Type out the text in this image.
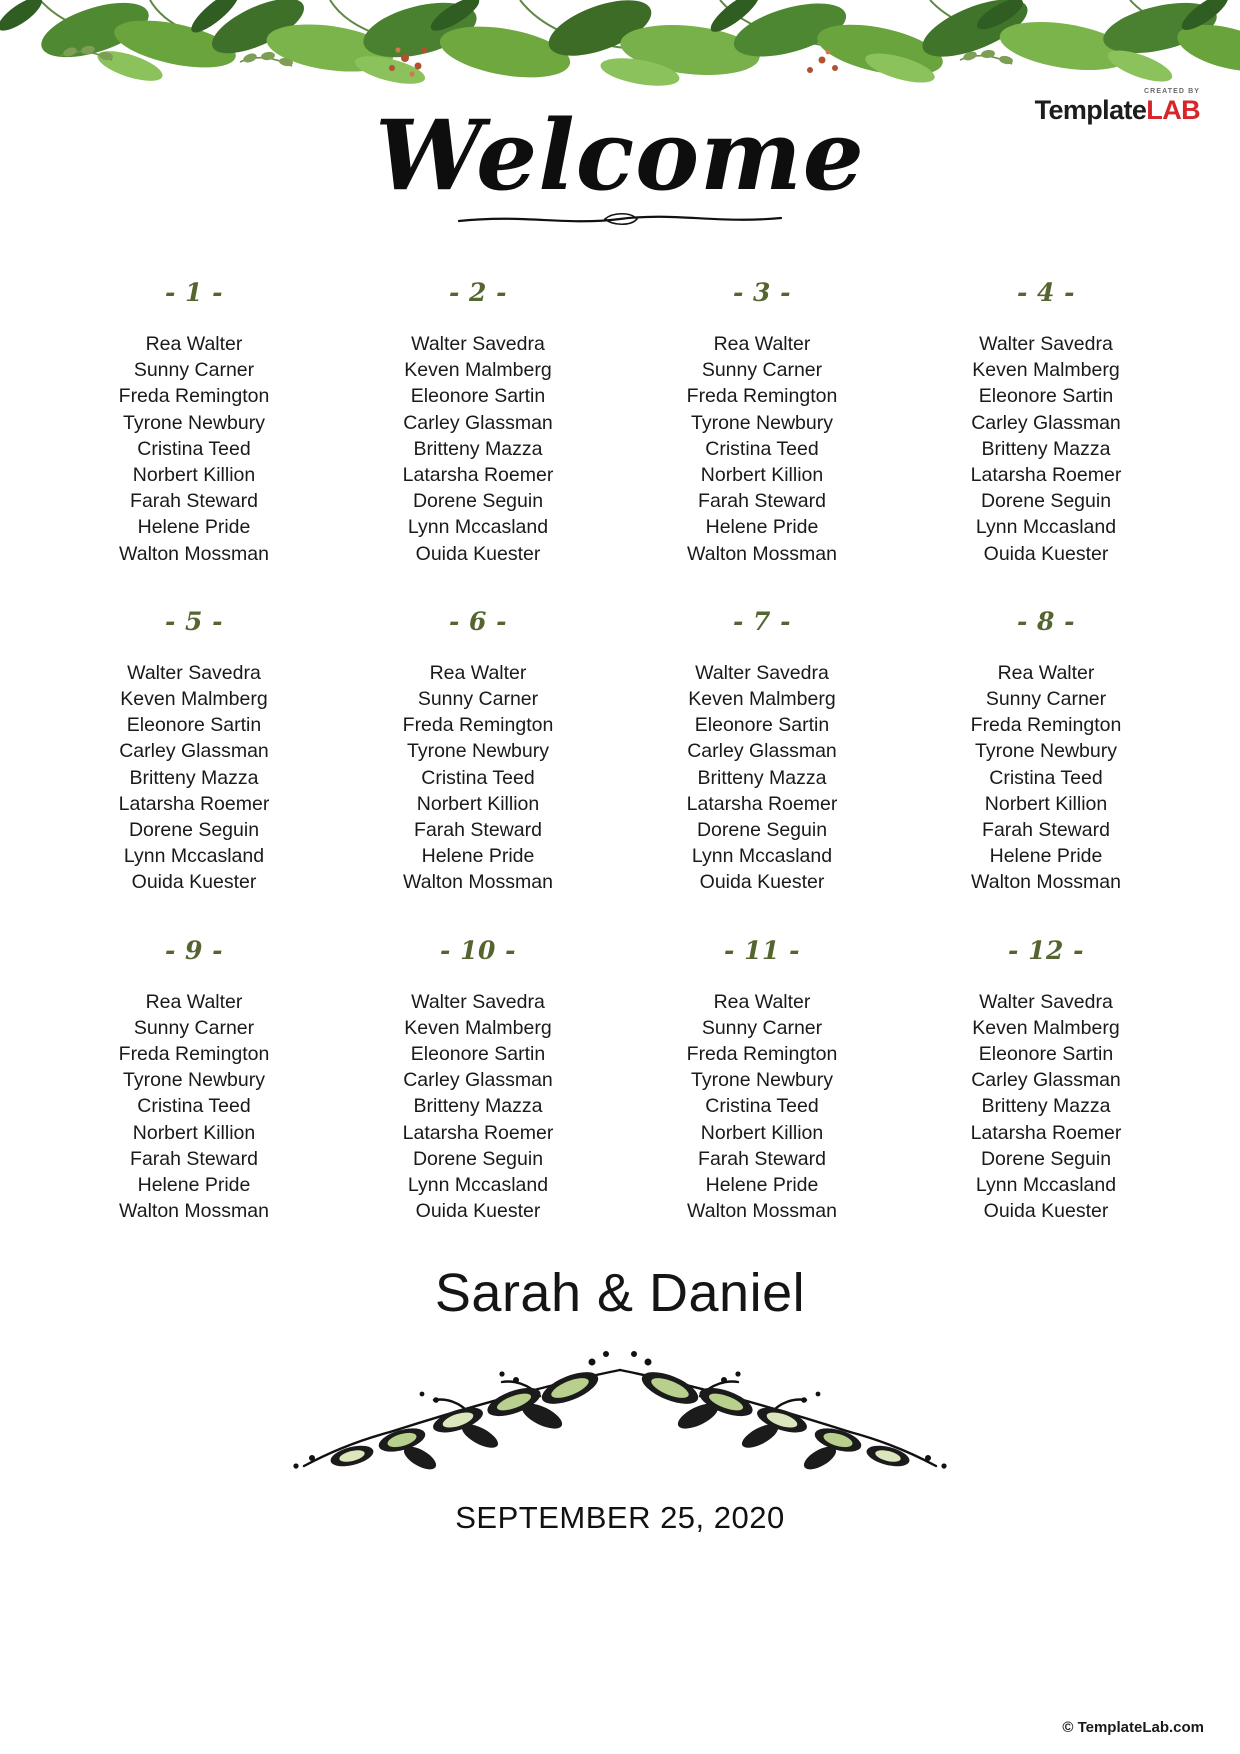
CREATED BY
TemplateLAB
Welcome
- 1 -
Rea Walter
Sunny Carner
Freda Remington
Tyrone Newbury
Cristina Teed
Norbert Killion
Farah Steward
Helene Pride
Walton Mossman
- 2 -
Walter Savedra
Keven Malmberg
Eleonore Sartin
Carley Glassman
Britteny Mazza
Latarsha Roemer
Dorene Seguin
Lynn Mccasland
Ouida Kuester
- 3 -
Rea Walter
Sunny Carner
Freda Remington
Tyrone Newbury
Cristina Teed
Norbert Killion
Farah Steward
Helene Pride
Walton Mossman
- 4 -
Walter Savedra
Keven Malmberg
Eleonore Sartin
Carley Glassman
Britteny Mazza
Latarsha Roemer
Dorene Seguin
Lynn Mccasland
Ouida Kuester
- 5 -
Walter Savedra
Keven Malmberg
Eleonore Sartin
Carley Glassman
Britteny Mazza
Latarsha Roemer
Dorene Seguin
Lynn Mccasland
Ouida Kuester
- 6 -
Rea Walter
Sunny Carner
Freda Remington
Tyrone Newbury
Cristina Teed
Norbert Killion
Farah Steward
Helene Pride
Walton Mossman
- 7 -
Walter Savedra
Keven Malmberg
Eleonore Sartin
Carley Glassman
Britteny Mazza
Latarsha Roemer
Dorene Seguin
Lynn Mccasland
Ouida Kuester
- 8 -
Rea Walter
Sunny Carner
Freda Remington
Tyrone Newbury
Cristina Teed
Norbert Killion
Farah Steward
Helene Pride
Walton Mossman
- 9 -
Rea Walter
Sunny Carner
Freda Remington
Tyrone Newbury
Cristina Teed
Norbert Killion
Farah Steward
Helene Pride
Walton Mossman
- 10 -
Walter Savedra
Keven Malmberg
Eleonore Sartin
Carley Glassman
Britteny Mazza
Latarsha Roemer
Dorene Seguin
Lynn Mccasland
Ouida Kuester
- 11 -
Rea Walter
Sunny Carner
Freda Remington
Tyrone Newbury
Cristina Teed
Norbert Killion
Farah Steward
Helene Pride
Walton Mossman
- 12 -
Walter Savedra
Keven Malmberg
Eleonore Sartin
Carley Glassman
Britteny Mazza
Latarsha Roemer
Dorene Seguin
Lynn Mccasland
Ouida Kuester
Sarah & Daniel
SEPTEMBER 25, 2020
© TemplateLab.com
